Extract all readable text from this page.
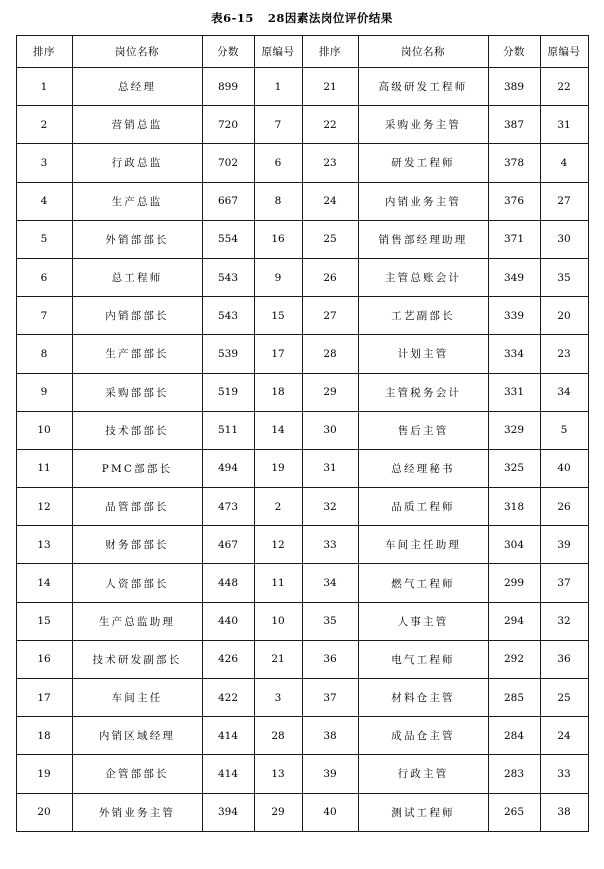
表6-15 28因素法岗位评价结果
排序	岗位名称	分数	原编号	排序	岗位名称	分数	原编号
1	总经理	899	1	21	高级研发工程师	389	22
2	营销总监	720	7	22	采购业务主管	387	31
3	行政总监	702	6	23	研发工程师	378	4
4	生产总监	667	8	24	内销业务主管	376	27
5	外销部部长	554	16	25	销售部经理助理	371	30
6	总工程师	543	9	26	主管总账会计	349	35
7	内销部部长	543	15	27	工艺副部长	339	20
8	生产部部长	539	17	28	计划主管	334	23
9	采购部部长	519	18	29	主管税务会计	331	34
10	技术部部长	511	14	30	售后主管	329	5
11	PMC部部长	494	19	31	总经理秘书	325	40
12	品管部部长	473	2	32	品质工程师	318	26
13	财务部部长	467	12	33	车间主任助理	304	39
14	人资部部长	448	11	34	燃气工程师	299	37
15	生产总监助理	440	10	35	人事主管	294	32
16	技术研发副部长	426	21	36	电气工程师	292	36
17	车间主任	422	3	37	材料仓主管	285	25
18	内销区域经理	414	28	38	成品仓主管	284	24
19	企管部部长	414	13	39	行政主管	283	33
20	外销业务主管	394	29	40	测试工程师	265	38
